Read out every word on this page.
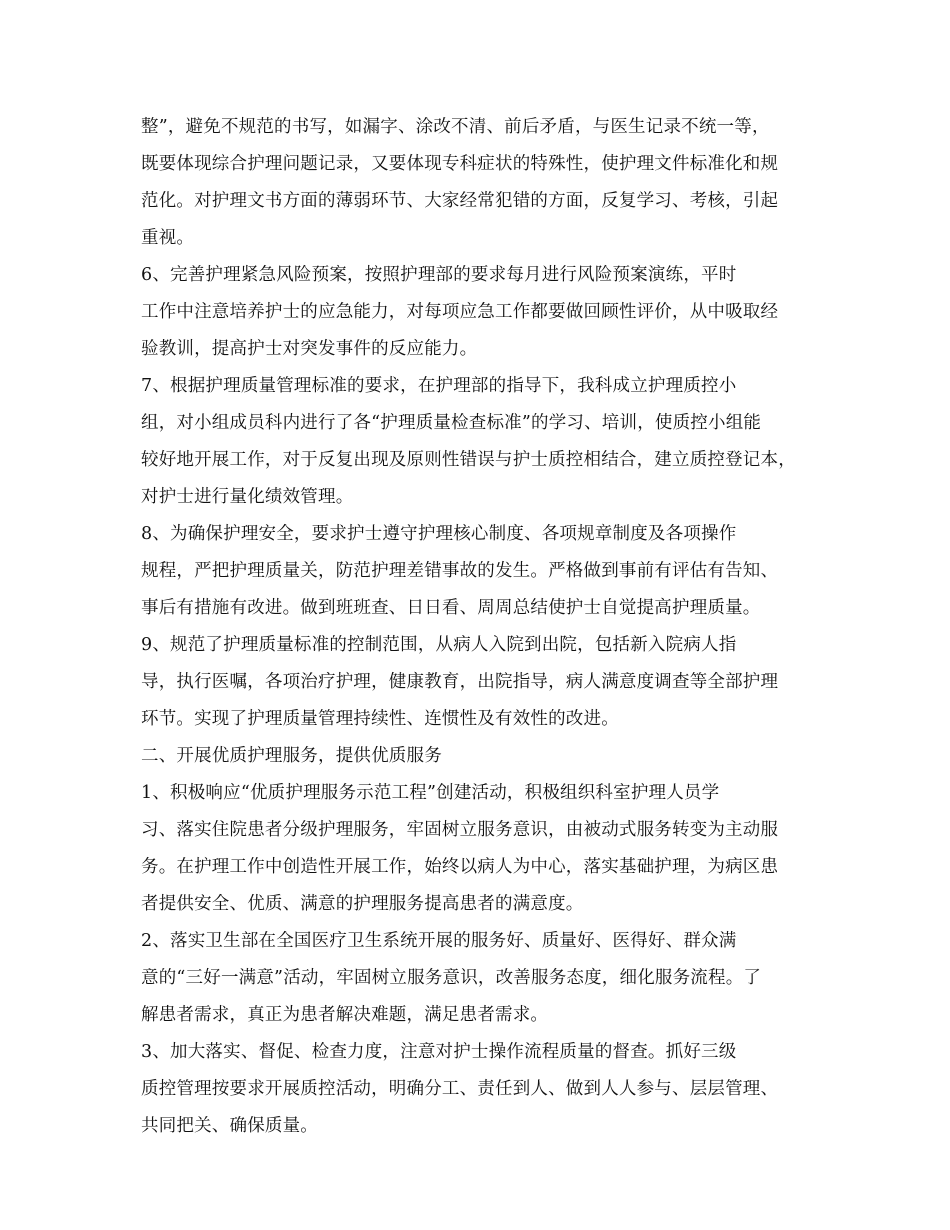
整”，避免不规范的书写，如漏字、涂改不清、前后矛盾，与医生记录不统一等，
既要体现综合护理问题记录，又要体现专科症状的特殊性，使护理文件标准化和规
范化。对护理文书方面的薄弱环节、大家经常犯错的方面，反复学习、考核，引起
重视。
6、完善护理紧急风险预案，按照护理部的要求每月进行风险预案演练，平时
工作中注意培养护士的应急能力，对每项应急工作都要做回顾性评价，从中吸取经
验教训，提高护士对突发事件的反应能力。
7、根据护理质量管理标准的要求，在护理部的指导下，我科成立护理质控小
组，对小组成员科内进行了各“护理质量检查标准”的学习、培训，使质控小组能
较好地开展工作，对于反复出现及原则性错误与护士质控相结合，建立质控登记本，
对护士进行量化绩效管理。
8、为确保护理安全，要求护士遵守护理核心制度、各项规章制度及各项操作
规程，严把护理质量关，防范护理差错事故的发生。严格做到事前有评估有告知、
事后有措施有改进。做到班班查、日日看、周周总结使护士自觉提高护理质量。
9、规范了护理质量标准的控制范围，从病人入院到出院，包括新入院病人指
导，执行医嘱，各项治疗护理，健康教育，出院指导，病人满意度调查等全部护理
环节。实现了护理质量管理持续性、连惯性及有效性的改进。
二、开展优质护理服务，提供优质服务
1、积极响应“优质护理服务示范工程”创建活动，积极组织科室护理人员学
习、落实住院患者分级护理服务，牢固树立服务意识，由被动式服务转变为主动服
务。在护理工作中创造性开展工作，始终以病人为中心，落实基础护理，为病区患
者提供安全、优质、满意的护理服务提高患者的满意度。
2、落实卫生部在全国医疗卫生系统开展的服务好、质量好、医得好、群众满
意的“三好一满意”活动，牢固树立服务意识，改善服务态度，细化服务流程。了
解患者需求，真正为患者解决难题，满足患者需求。
3、加大落实、督促、检查力度，注意对护士操作流程质量的督查。抓好三级
质控管理按要求开展质控活动，明确分工、责任到人、做到人人参与、层层管理、
共同把关、确保质量。
